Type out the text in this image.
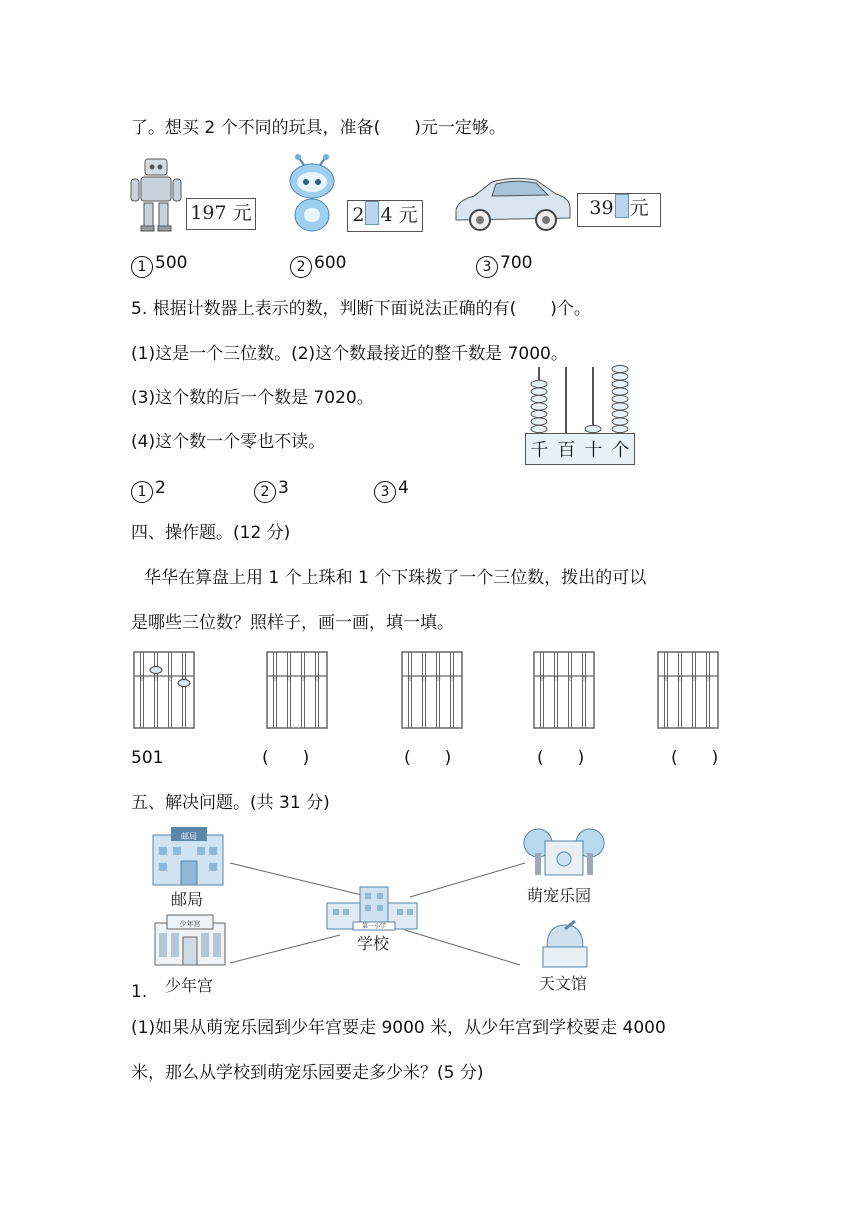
了。想买 2 个不同的玩具，准备(　　)元一定够。
197 元	2 4 元	39 元
1 500	2 600	3 700
5. 根据计数器上表示的数，判断下面说法正确的有(　　)个。
(1)这是一个三位数。(2)这个数最接近的整千数是 7000。
(3)这个数的后一个数是 7020。
(4)这个数一个零也不读。	千 百 十 个
1 2	2 3	3 4
四、操作题。(12 分)
华华在算盘上用 1 个上珠和 1 个下珠拨了一个三位数，拨出的可以
是哪些三位数？照样子，画一画，填一填。
千 百 十	千 百 十 个	千 百 十 个	千 百 十 个	千 百 十 个
501	(　　)	(　　)	(　　)	(　　)
五、解决问题。(共 31 分)
邮局
邮局
少年宫
少年宫
第一小学
学校
萌宠乐园
天文馆
1.
(1)如果从萌宠乐园到少年宫要走 9000 米，从少年宫到学校要走 4000
米，那么从学校到萌宠乐园要走多少米？(5 分)
